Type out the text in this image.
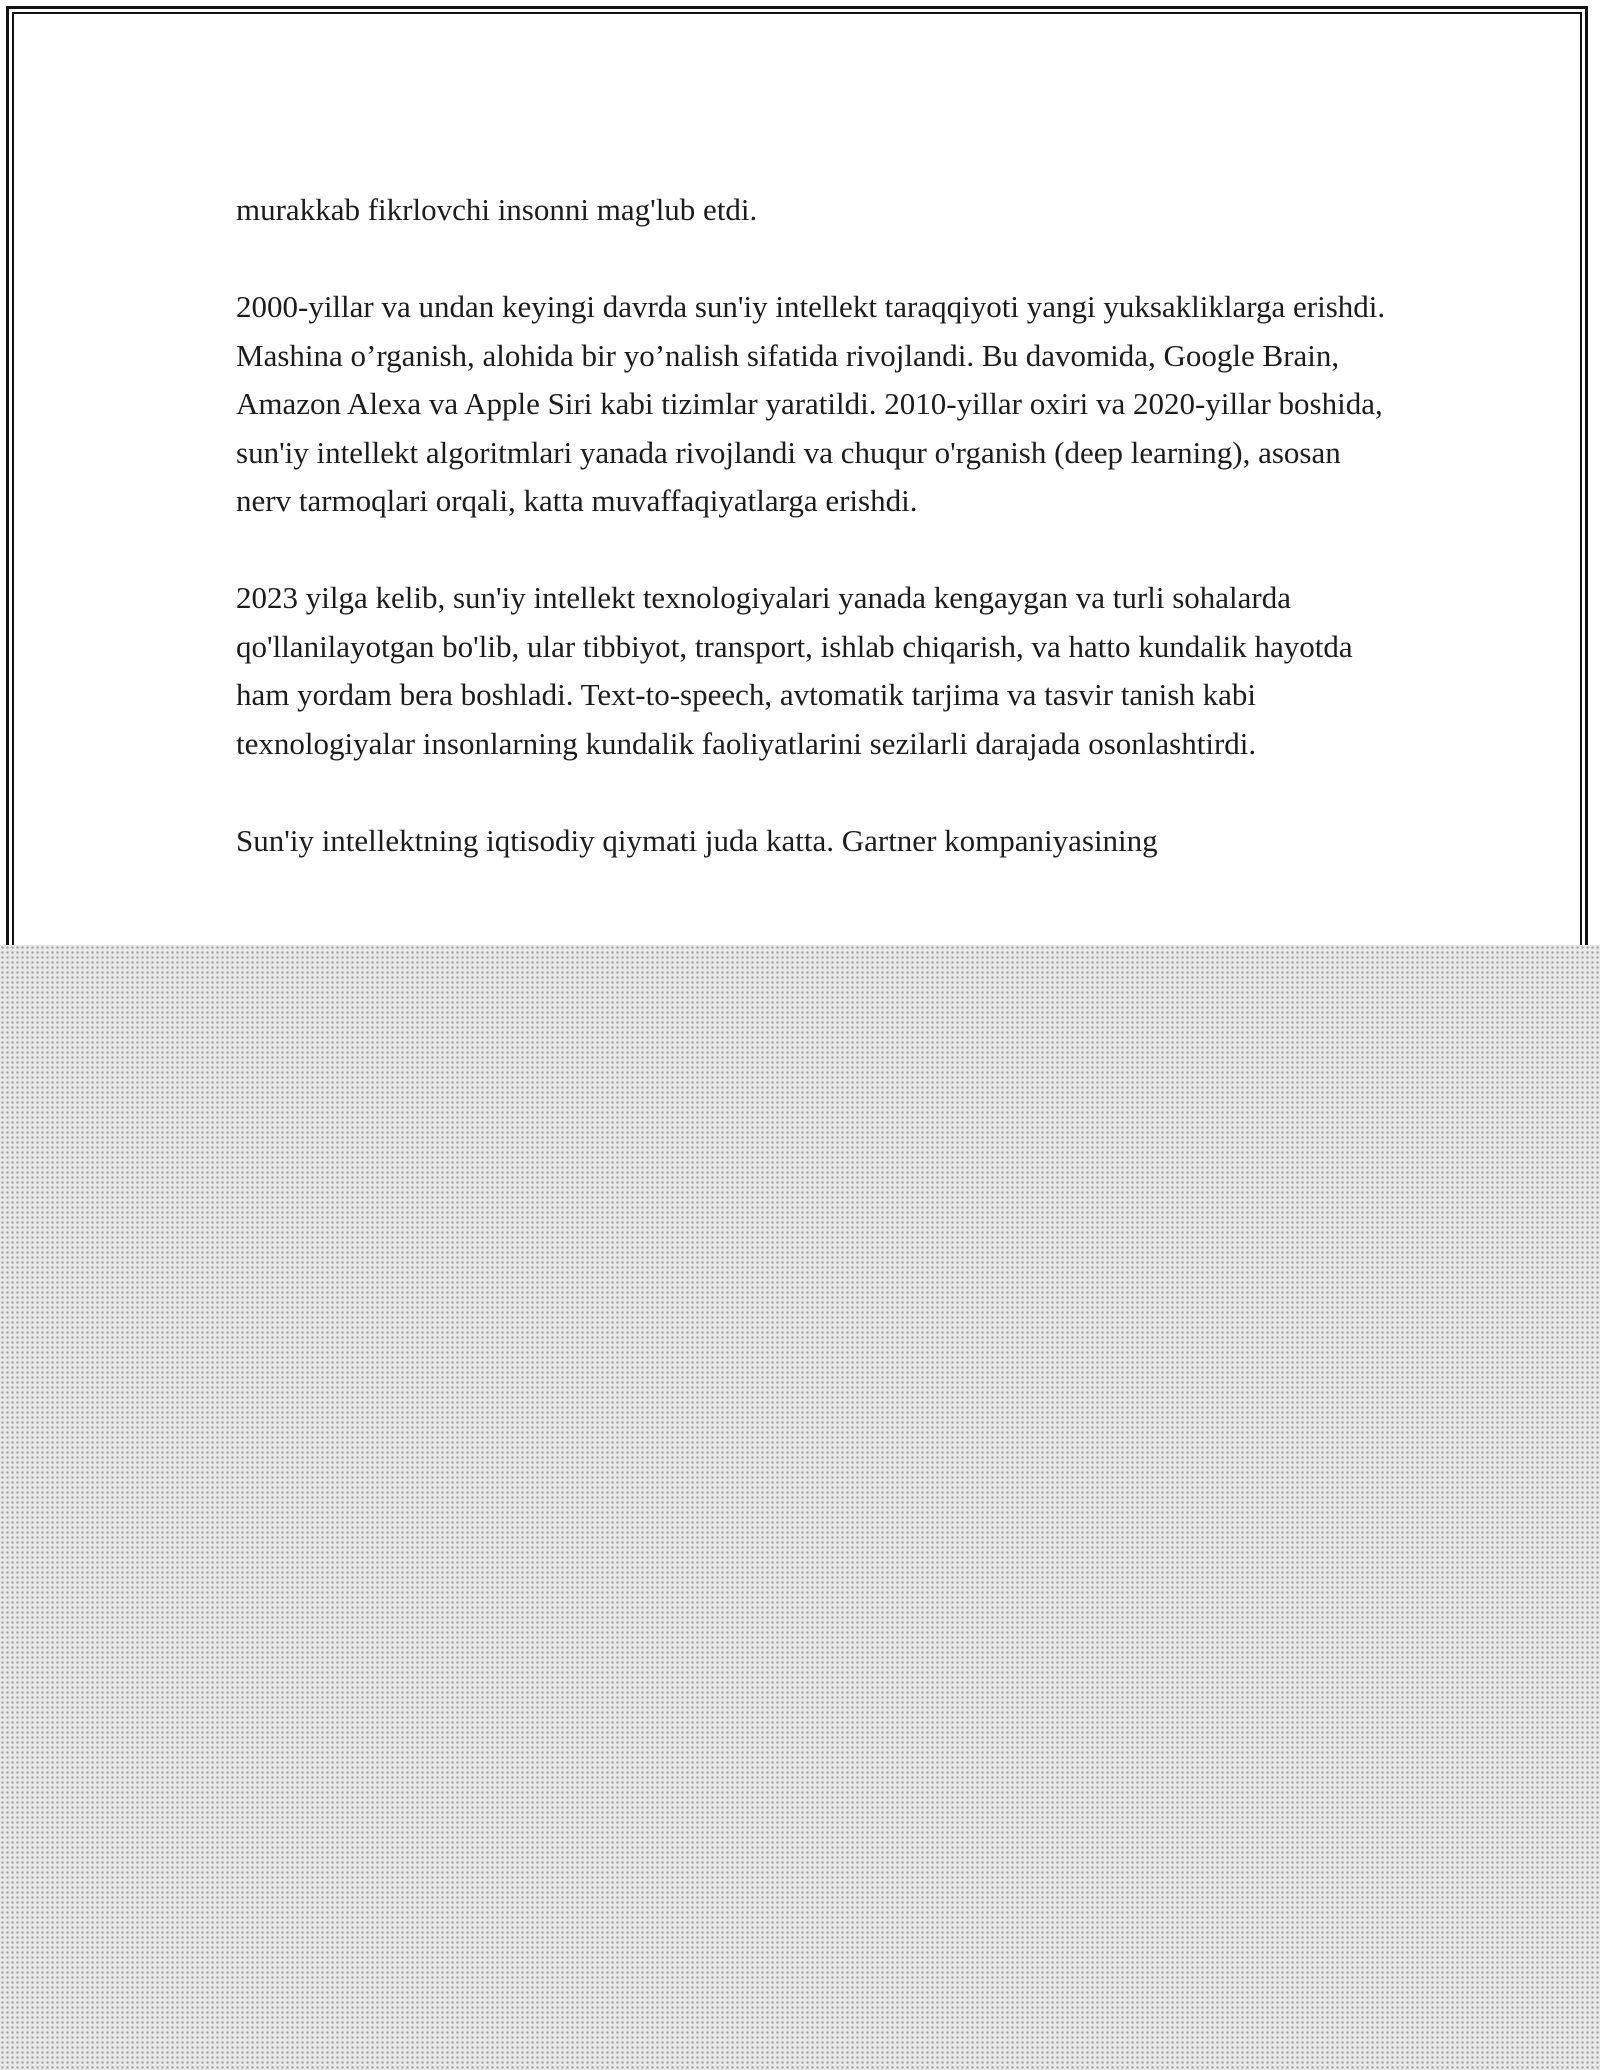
murakkab fikrlovchi insonni mag'lub etdi.

2000-yillar va undan keyingi davrda sun'iy intellekt taraqqiyoti yangi yuksakliklarga erishdi. Mashina o’rganish, alohida bir yo’nalish sifatida rivojlandi. Bu davomida, Google Brain, Amazon Alexa va Apple Siri kabi tizimlar yaratildi. 2010-yillar oxiri va 2020-yillar boshida, sun'iy intellekt algoritmlari yanada rivojlandi va chuqur o'rganish (deep learning), asosan nerv tarmoqlari orqali, katta muvaffaqiyatlarga erishdi.

2023 yilga kelib, sun'iy intellekt texnologiyalari yanada kengaygan va turli sohalarda qo'llanilayotgan bo'lib, ular tibbiyot, transport, ishlab chiqarish, va hatto kundalik hayotda ham yordam bera boshladi. Text-to-speech, avtomatik tarjima va tasvir tanish kabi texnologiyalar insonlarning kundalik faoliyatlarini sezilarli darajada osonlashtirdi.

Sun'iy intellektning iqtisodiy qiymati juda katta. Gartner kompaniyasining
